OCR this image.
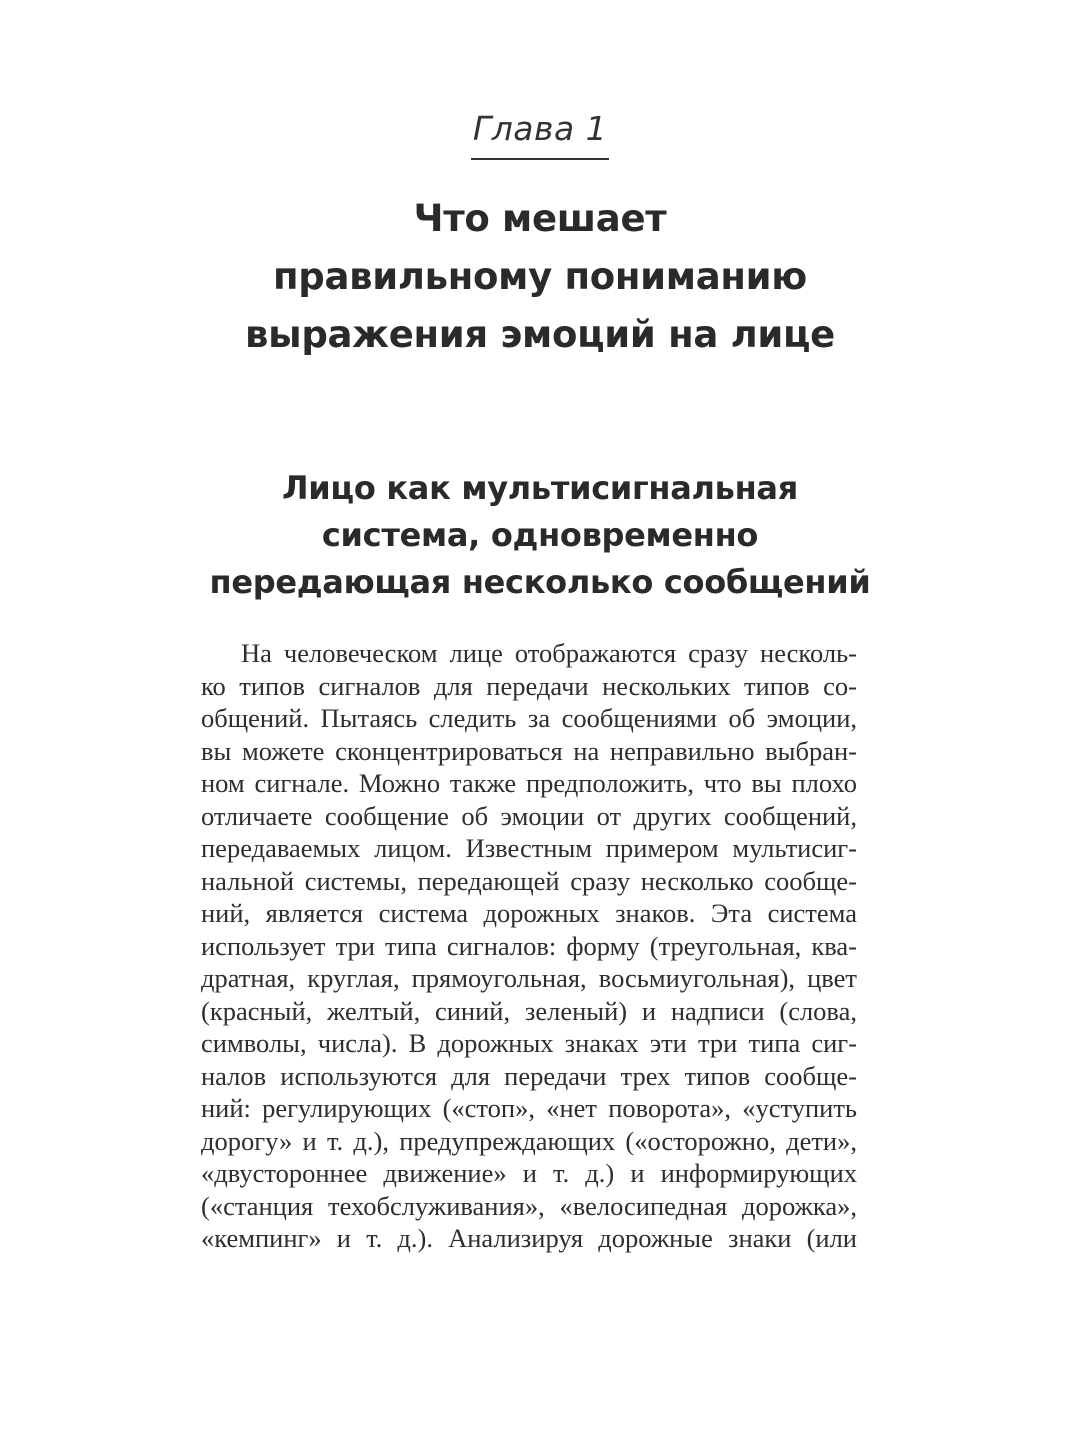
Глава 1
Что мешает
правильному пониманию
выражения эмоций на лице
Лицо как мультисигнальная
система, одновременно
передающая несколько сообщений
На человеческом лице отображаются сразу несколь-
ко типов сигналов для передачи нескольких типов со-
общений. Пытаясь следить за сообщениями об эмоции,
вы можете сконцентрироваться на неправильно выбран-
ном сигнале. Можно также предположить, что вы плохо
отличаете сообщение об эмоции от других сообщений,
передаваемых лицом. Известным примером мультисиг-
нальной системы, передающей сразу несколько сообще-
ний, является система дорожных знаков. Эта система
использует три типа сигналов: форму (треугольная, ква-
дратная, круглая, прямоугольная, восьмиугольная), цвет
(красный, желтый, синий, зеленый) и надписи (слова,
символы, числа). В дорожных знаках эти три типа сиг-
налов используются для передачи трех типов сообще-
ний: регулирующих («стоп», «нет поворота», «уступить
дорогу» и т. д.), предупреждающих («осторожно, дети»,
«двустороннее движение» и т. д.) и информирующих
(«станция техобслуживания», «велосипедная дорожка»,
«кемпинг» и т. д.). Анализируя дорожные знаки (или
